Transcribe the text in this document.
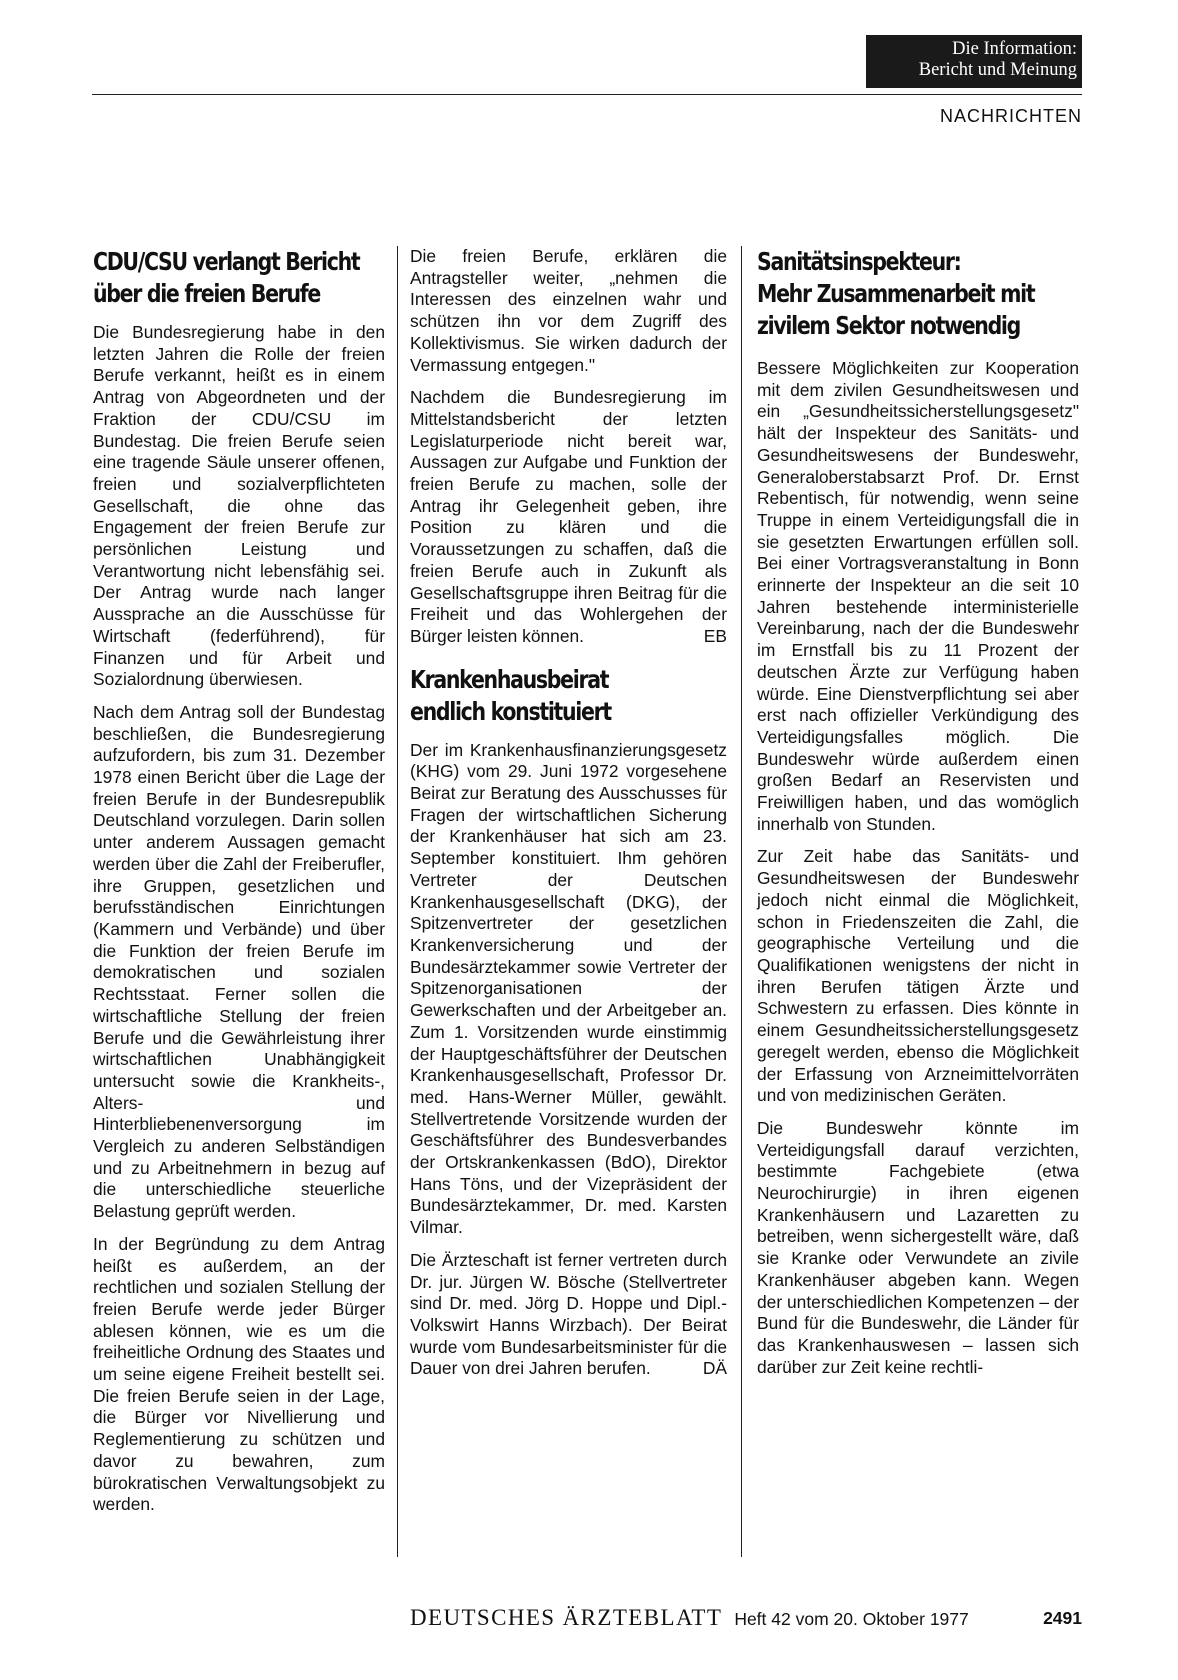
Die Information:
Bericht und Meinung
NACHRICHTEN
CDU/CSU verlangt Bericht
über die freien Berufe

Die Bundesregierung habe in den letzten Jahren die Rolle der freien Berufe verkannt, heißt es in einem Antrag von Abgeordneten und der Fraktion der CDU/CSU im Bundestag. Die freien Berufe seien eine tragende Säule unserer offenen, freien und sozialverpflichteten Gesellschaft, die ohne das Engagement der freien Berufe zur persönlichen Leistung und Verantwortung nicht lebensfähig sei. Der Antrag wurde nach langer Aussprache an die Ausschüsse für Wirtschaft (federführend), für Finanzen und für Arbeit und Sozialordnung überwiesen.

Nach dem Antrag soll der Bundestag beschließen, die Bundesregierung aufzufordern, bis zum 31. Dezember 1978 einen Bericht über die Lage der freien Berufe in der Bundesrepublik Deutschland vorzulegen. Darin sollen unter anderem Aussagen gemacht werden über die Zahl der Freiberufler, ihre Gruppen, gesetzlichen und berufsständischen Einrichtungen (Kammern und Verbände) und über die Funktion der freien Berufe im demokratischen und sozialen Rechtsstaat. Ferner sollen die wirtschaftliche Stellung der freien Berufe und die Gewährleistung ihrer wirtschaftlichen Unabhängigkeit untersucht sowie die Krankheits-, Alters- und Hinterbliebenenversorgung im Vergleich zu anderen Selbständigen und zu Arbeitnehmern in bezug auf die unterschiedliche steuerliche Belastung geprüft werden.

In der Begründung zu dem Antrag heißt es außerdem, an der rechtlichen und sozialen Stellung der freien Berufe werde jeder Bürger ablesen können, wie es um die freiheitliche Ordnung des Staates und um seine eigene Freiheit bestellt sei. Die freien Berufe seien in der Lage, die Bürger vor Nivellierung und Reglementierung zu schützen und davor zu bewahren, zum bürokratischen Verwaltungsobjekt zu werden.

Die freien Berufe, erklären die Antragsteller weiter, „nehmen die Interessen des einzelnen wahr und schützen ihn vor dem Zugriff des Kollektivismus. Sie wirken dadurch der Vermassung entgegen."

Nachdem die Bundesregierung im Mittelstandsbericht der letzten Legislaturperiode nicht bereit war, Aussagen zur Aufgabe und Funktion der freien Berufe zu machen, solle der Antrag ihr Gelegenheit geben, ihre Position zu klären und die Voraussetzungen zu schaffen, daß die freien Berufe auch in Zukunft als Gesellschaftsgruppe ihren Beitrag für die Freiheit und das Wohlergehen der Bürger leisten können.	EB

Krankenhausbeirat
endlich konstituiert

Der im Krankenhausfinanzierungsgesetz (KHG) vom 29. Juni 1972 vorgesehene Beirat zur Beratung des Ausschusses für Fragen der wirtschaftlichen Sicherung der Krankenhäuser hat sich am 23. September konstituiert. Ihm gehören Vertreter der Deutschen Krankenhausgesellschaft (DKG), der Spitzenvertreter der gesetzlichen Krankenversicherung und der Bundesärztekammer sowie Vertreter der Spitzenorganisationen der Gewerkschaften und der Arbeitgeber an. Zum 1. Vorsitzenden wurde einstimmig der Hauptgeschäftsführer der Deutschen Krankenhausgesellschaft, Professor Dr. med. Hans-Werner Müller, gewählt. Stellvertretende Vorsitzende wurden der Geschäftsführer des Bundesverbandes der Ortskrankenkassen (BdO), Direktor Hans Töns, und der Vizepräsident der Bundesärztekammer, Dr. med. Karsten Vilmar.

Die Ärzteschaft ist ferner vertreten durch Dr. jur. Jürgen W. Bösche (Stellvertreter sind Dr. med. Jörg D. Hoppe und Dipl.-Volkswirt Hanns Wirzbach). Der Beirat wurde vom Bundesarbeitsminister für die Dauer von drei Jahren berufen.	DÄ

Sanitätsinspekteur:
Mehr Zusammenarbeit mit
zivilem Sektor notwendig

Bessere Möglichkeiten zur Kooperation mit dem zivilen Gesundheitswesen und ein „Gesundheitssicherstellungsgesetz" hält der Inspekteur des Sanitäts- und Gesundheitswesens der Bundeswehr, Generaloberstabsarzt Prof. Dr. Ernst Rebentisch, für notwendig, wenn seine Truppe in einem Verteidigungsfall die in sie gesetzten Erwartungen erfüllen soll. Bei einer Vortragsveranstaltung in Bonn erinnerte der Inspekteur an die seit 10 Jahren bestehende interministerielle Vereinbarung, nach der die Bundeswehr im Ernstfall bis zu 11 Prozent der deutschen Ärzte zur Verfügung haben würde. Eine Dienstverpflichtung sei aber erst nach offizieller Verkündigung des Verteidigungsfalles möglich. Die Bundeswehr würde außerdem einen großen Bedarf an Reservisten und Freiwilligen haben, und das womöglich innerhalb von Stunden.

Zur Zeit habe das Sanitäts- und Gesundheitswesen der Bundeswehr jedoch nicht einmal die Möglichkeit, schon in Friedenszeiten die Zahl, die geographische Verteilung und die Qualifikationen wenigstens der nicht in ihren Berufen tätigen Ärzte und Schwestern zu erfassen. Dies könnte in einem Gesundheitssicherstellungsgesetz geregelt werden, ebenso die Möglichkeit der Erfassung von Arzneimittelvorräten und von medizinischen Geräten.

Die Bundeswehr könnte im Verteidigungsfall darauf verzichten, bestimmte Fachgebiete (etwa Neurochirurgie) in ihren eigenen Krankenhäusern und Lazaretten zu betreiben, wenn sichergestellt wäre, daß sie Kranke oder Verwundete an zivile Krankenhäuser abgeben kann. Wegen der unterschiedlichen Kompetenzen – der Bund für die Bundeswehr, die Länder für das Krankenhauswesen – lassen sich darüber zur Zeit keine rechtli-

DEUTSCHES ÄRZTEBLATT Heft 42 vom 20. Oktober 1977	2491
